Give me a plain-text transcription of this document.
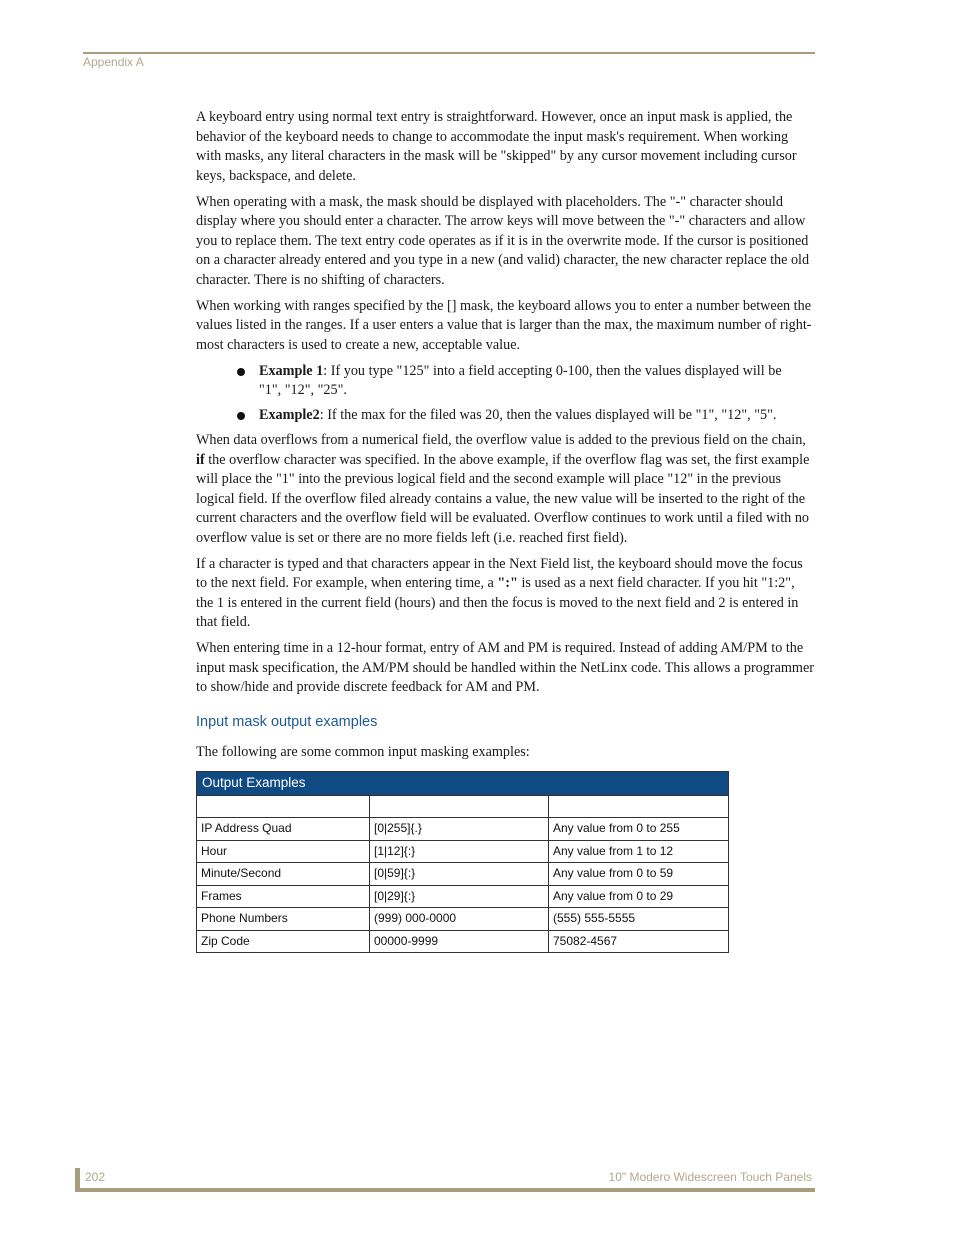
Appendix A

A keyboard entry using normal text entry is straightforward. However, once an input mask is applied, the behavior of the keyboard needs to change to accommodate the input mask's requirement. When working with masks, any literal characters in the mask will be "skipped" by any cursor movement including cursor keys, backspace, and delete.

When operating with a mask, the mask should be displayed with placeholders. The "-" character should display where you should enter a character. The arrow keys will move between the "-" characters and allow you to replace them. The text entry code operates as if it is in the overwrite mode. If the cursor is positioned on a character already entered and you type in a new (and valid) character, the new character replace the old character. There is no shifting of characters.

When working with ranges specified by the [] mask, the keyboard allows you to enter a number between the values listed in the ranges. If a user enters a value that is larger than the max, the maximum number of right-most characters is used to create a new, acceptable value.

Example 1: If you type "125" into a field accepting 0-100, then the values displayed will be "1", "12", "25".
Example2: If the max for the filed was 20, then the values displayed will be "1", "12", "5".

When data overflows from a numerical field, the overflow value is added to the previous field on the chain, if the overflow character was specified. In the above example, if the overflow flag was set, the first example will place the "1" into the previous logical field and the second example will place "12" in the previous logical field. If the overflow filed already contains a value, the new value will be inserted to the right of the current characters and the overflow field will be evaluated. Overflow continues to work until a filed with no overflow value is set or there are no more fields left (i.e. reached first field).

If a character is typed and that characters appear in the Next Field list, the keyboard should move the focus to the next field. For example, when entering time, a ":" is used as a next field character. If you hit "1:2", the 1 is entered in the current field (hours) and then the focus is moved to the next field and 2 is entered in that field.

When entering time in a 12-hour format, entry of AM and PM is required. Instead of adding AM/PM to the input mask specification, the AM/PM should be handled within the NetLinx code. This allows a programmer to show/hide and provide discrete feedback for AM and PM.

Input mask output examples

The following are some common input masking examples:

Output Examples		

IP Address Quad	[0|255]{.}	Any value from 0 to 255
Hour	[1|12]{:}	Any value from 1 to 12
Minute/Second	[0|59]{:}	Any value from 0 to 59
Frames	[0|29]{:}	Any value from 0 to 29
Phone Numbers	(999) 000-0000	(555) 555-5555
Zip Code	00000-9999	75082-4567
202	10" Modero Widescreen Touch Panels
